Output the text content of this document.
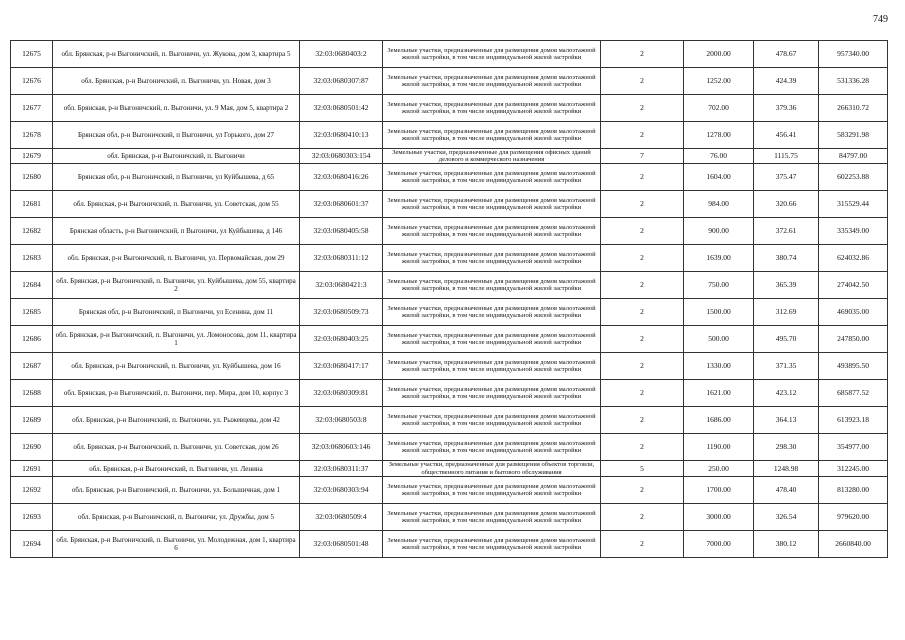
749
12675	обл. Брянская, р-н Выгоничский, п. Выгоничи, ул. Жукова, дом 3, квартира 5	32:03:0680403:2	Земельные участки, предназначенные для размещения домов малоэтажной жилой застройки, в том числе индивидуальной жилой застройки	2	2000.00	478.67	957340.00
12676	обл. Брянская, р-н Выгоничский, п. Выгоничи, ул. Новая, дом 3	32:03:0680307:87	Земельные участки, предназначенные для размещения домов малоэтажной жилой застройки, в том числе индивидуальной жилой застройки	2	1252.00	424.39	531336.28
12677	обл. Брянская, р-н Выгоничский, п. Выгоничи, ул. 9 Мая, дом 5, квартира 2	32:03:0680501:42	Земельные участки, предназначенные для размещения домов малоэтажной жилой застройки, в том числе индивидуальной жилой застройки	2	702.00	379.36	266310.72
12678	Брянская обл, р-н Выгоничский, п Выгоничи, ул Горького, дом 27	32:03:0680410:13	Земельные участки, предназначенные для размещения домов малоэтажной жилой застройки, в том числе индивидуальной жилой застройки	2	1278.00	456.41	583291.98
12679	обл. Брянская, р-н Выгоничский, п. Выгоничи	32:03:0680303:154	Земельные участки, предназначенные для размещения офисных зданий делового и коммерческого назначения	7	76.00	1115.75	84797.00
12680	Брянская обл, р-н Выгоничский, п Выгоничи, ул Куйбышева, д 65	32:03:0680416:26	Земельные участки, предназначенные для размещения домов малоэтажной жилой застройки, в том числе индивидуальной жилой застройки	2	1604.00	375.47	602253.88
12681	обл. Брянская, р-н Выгоничский, п. Выгоничи, ул. Советская, дом 55	32:03:0680601:37	Земельные участки, предназначенные для размещения домов малоэтажной жилой застройки, в том числе индивидуальной жилой застройки	2	984.00	320.66	315529.44
12682	Брянская область, р-н Выгоничский, п Выгоничи, ул Куйбышева, д 146	32:03:0680405:58	Земельные участки, предназначенные для размещения домов малоэтажной жилой застройки, в том числе индивидуальной жилой застройки	2	900.00	372.61	335349.00
12683	обл. Брянская, р-н Выгоничский, п. Выгоничи, ул. Первомайская, дом 29	32:03:0680311:12	Земельные участки, предназначенные для размещения домов малоэтажной жилой застройки, в том числе индивидуальной жилой застройки	2	1639.00	380.74	624032.86
12684	обл. Брянская, р-н Выгоничский, п. Выгоничи, ул. Куйбышева, дом 55, квартира 2	32:03:0680421:3	Земельные участки, предназначенные для размещения домов малоэтажной жилой застройки, в том числе индивидуальной жилой застройки	2	750.00	365.39	274042.50
12685	Брянская обл, р-н Выгоничский, п Выгоничи, ул Есенина, дом 11	32:03:0680509:73	Земельные участки, предназначенные для размещения домов малоэтажной жилой застройки, в том числе индивидуальной жилой застройки	2	1500.00	312.69	469035.00
12686	обл. Брянская, р-н Выгоничский, п. Выгоничи, ул. Ломоносова, дом 11, квартира 1	32:03:0680403:25	Земельные участки, предназначенные для размещения домов малоэтажной жилой застройки, в том числе индивидуальной жилой застройки	2	500.00	495.70	247850.00
12687	обл. Брянская, р-н Выгоничский, п. Выгоничи, ул. Куйбышева, дом 16	32:03:0680417:17	Земельные участки, предназначенные для размещения домов малоэтажной жилой застройки, в том числе индивидуальной жилой застройки	2	1330.00	371.35	493895.50
12688	обл. Брянская, р-н Выгоничский, п. Выгоничи, пер. Мира, дом 10, корпус 3	32:03:0680309:81	Земельные участки, предназначенные для размещения домов малоэтажной жилой застройки, в том числе индивидуальной жилой застройки	2	1621.00	423.12	685877.52
12689	обл. Брянская, р-н Выгоничский, п. Выгоничи, ул. Рыжевцева, дом 42	32:03:0680503:8	Земельные участки, предназначенные для размещения домов малоэтажной жилой застройки, в том числе индивидуальной жилой застройки	2	1686.00	364.13	613923.18
12690	обл. Брянская, р-н Выгоничский, п. Выгоничи, ул. Советская, дом 26	32:03:0680603:146	Земельные участки, предназначенные для размещения домов малоэтажной жилой застройки, в том числе индивидуальной жилой застройки	2	1190.00	298.30	354977.00
12691	обл. Брянская, р-н Выгоничский, п. Выгоничи, ул. Ленина	32:03:0680311:37	Земельные участки, предназначенные для размещения объектов торговли, общественного питания и бытового обслуживания	5	250.00	1248.98	312245.00
12692	обл. Брянская, р-н Выгоничский, п. Выгоничи, ул. Большичная, дом 1	32:03:0680303:94	Земельные участки, предназначенные для размещения домов малоэтажной жилой застройки, в том числе индивидуальной жилой застройки	2	1700.00	478.40	813280.00
12693	обл. Брянская, р-н Выгоничский, п. Выгоничи, ул. Дружбы, дом 5	32:03:0680509:4	Земельные участки, предназначенные для размещения домов малоэтажной жилой застройки, в том числе индивидуальной жилой застройки	2	3000.00	326.54	979620.00
12694	обл. Брянская, р-н Выгоничский, п. Выгоничи, ул. Молодежная, дом 1, квартира 6	32:03:0680501:48	Земельные участки, предназначенные для размещения домов малоэтажной жилой застройки, в том числе индивидуальной жилой застройки	2	7000.00	380.12	2660840.00
